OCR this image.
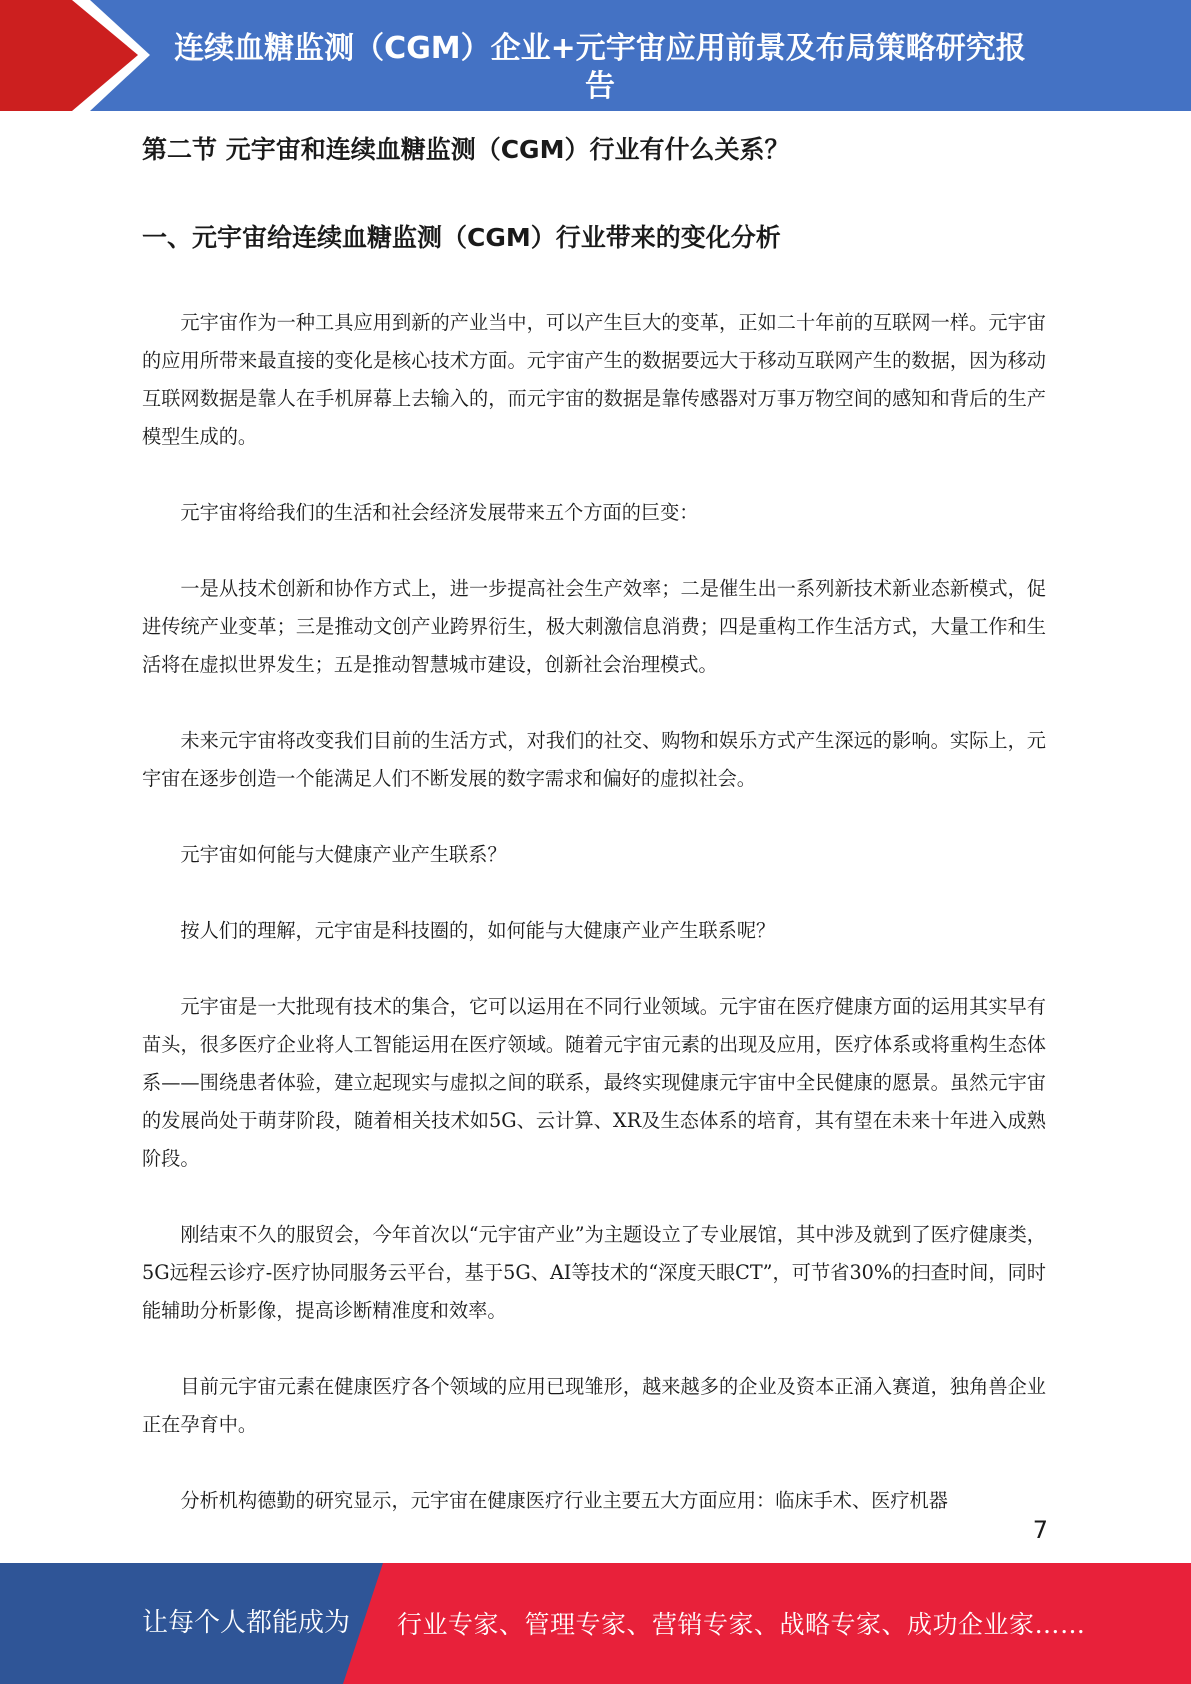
连续血糖监测（CGM）企业+元宇宙应用前景及布局策略研究报告
第二节 元宇宙和连续血糖监测（CGM）行业有什么关系？
一、元宇宙给连续血糖监测（CGM）行业带来的变化分析

元宇宙作为一种工具应用到新的产业当中，可以产生巨大的变革，正如二十年前的互联网一样。元宇宙的应用所带来最直接的变化是核心技术方面。元宇宙产生的数据要远大于移动互联网产生的数据，因为移动互联网数据是靠人在手机屏幕上去输入的，而元宇宙的数据是靠传感器对万事万物空间的感知和背后的生产模型生成的。

元宇宙将给我们的生活和社会经济发展带来五个方面的巨变：

一是从技术创新和协作方式上，进一步提高社会生产效率；二是催生出一系列新技术新业态新模式，促进传统产业变革；三是推动文创产业跨界衍生，极大刺激信息消费；四是重构工作生活方式，大量工作和生活将在虚拟世界发生；五是推动智慧城市建设，创新社会治理模式。

未来元宇宙将改变我们目前的生活方式，对我们的社交、购物和娱乐方式产生深远的影响。实际上，元宇宙在逐步创造一个能满足人们不断发展的数字需求和偏好的虚拟社会。

元宇宙如何能与大健康产业产生联系？

按人们的理解，元宇宙是科技圈的，如何能与大健康产业产生联系呢？

元宇宙是一大批现有技术的集合，它可以运用在不同行业领域。元宇宙在医疗健康方面的运用其实早有苗头，很多医疗企业将人工智能运用在医疗领域。随着元宇宙元素的出现及应用，医疗体系或将重构生态体系——围绕患者体验，建立起现实与虚拟之间的联系，最终实现健康元宇宙中全民健康的愿景。虽然元宇宙的发展尚处于萌芽阶段，随着相关技术如5G、云计算、XR及生态体系的培育，其有望在未来十年进入成熟阶段。

刚结束不久的服贸会，今年首次以“元宇宙产业”为主题设立了专业展馆，其中涉及就到了医疗健康类，5G远程云诊疗-医疗协同服务云平台，基于5G、AI等技术的“深度天眼CT”，可节省30%的扫查时间，同时能辅助分析影像，提高诊断精准度和效率。

目前元宇宙元素在健康医疗各个领域的应用已现雏形，越来越多的企业及资本正涌入赛道，独角兽企业正在孕育中。

分析机构德勤的研究显示，元宇宙在健康医疗行业主要五大方面应用：临床手术、医疗机器

7
让每个人都能成为 行业专家、管理专家、营销专家、战略专家、成功企业家……
